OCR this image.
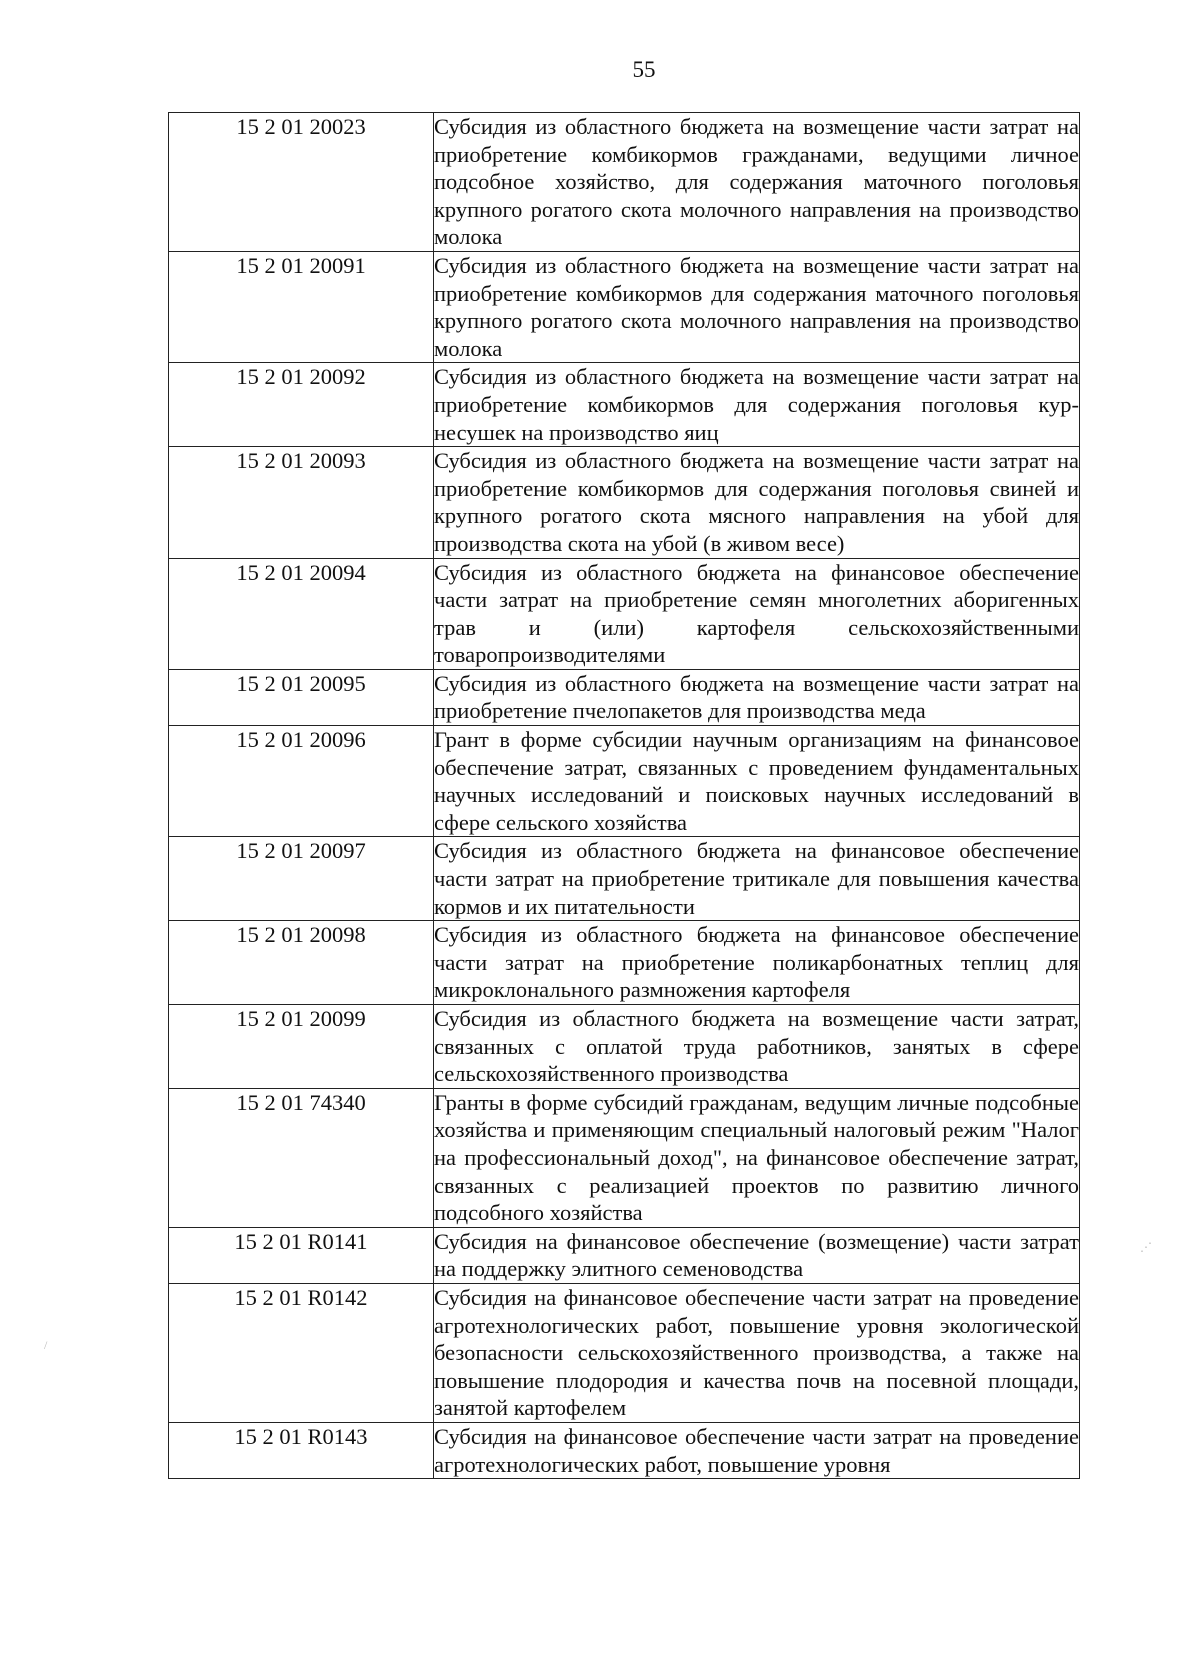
55
15 2 01 20023	Субсидия из областного бюджета на возмещение части затрат на приобретение комбикормов гражданами, ведущими личное подсобное хозяйство, для содержания маточного поголовья крупного рогатого скота молочного направления на производство молока
15 2 01 20091	Субсидия из областного бюджета на возмещение части затрат на приобретение комбикормов для содержания маточного поголовья крупного рогатого скота молочного направления на производство молока
15 2 01 20092	Субсидия из областного бюджета на возмещение части затрат на приобретение комбикормов для содержания поголовья кур-несушек на производство яиц
15 2 01 20093	Субсидия из областного бюджета на возмещение части затрат на приобретение комбикормов для содержания поголовья свиней и крупного рогатого скота мясного направления на убой для производства скота на убой (в живом весе)
15 2 01 20094	Субсидия из областного бюджета на финансовое обеспечение части затрат на приобретение семян многолетних аборигенных трав и (или) картофеля сельскохозяйственными товаропроизводителями
15 2 01 20095	Субсидия из областного бюджета на возмещение части затрат на приобретение пчелопакетов для производства меда
15 2 01 20096	Грант в форме субсидии научным организациям на финансовое обеспечение затрат, связанных с проведением фундаментальных научных исследований и поисковых научных исследований в сфере сельского хозяйства
15 2 01 20097	Субсидия из областного бюджета на финансовое обеспечение части затрат на приобретение тритикале для повышения качества кормов и их питательности
15 2 01 20098	Субсидия из областного бюджета на финансовое обеспечение части затрат на приобретение поликарбонатных теплиц для микроклонального размножения картофеля
15 2 01 20099	Субсидия из областного бюджета на возмещение части затрат, связанных с оплатой труда работников, занятых в сфере сельскохозяйственного производства
15 2 01 74340	Гранты в форме субсидий гражданам, ведущим личные подсобные хозяйства и применяющим специальный налоговый режим "Налог на профессиональный доход", на финансовое обеспечение затрат, связанных с реализацией проектов по развитию личного подсобного хозяйства
15 2 01 R0141	Субсидия на финансовое обеспечение (возмещение) части затрат на поддержку элитного семеноводства
15 2 01 R0142	Субсидия на финансовое обеспечение части затрат на проведение агротехнологических работ, повышение уровня экологической безопасности сельскохозяйственного производства, а также на повышение плодородия и качества почв на посевной площади, занятой картофелем
15 2 01 R0143	Субсидия на финансовое обеспечение части затрат на проведение агротехнологических работ, повышение уровня
⋰
/
